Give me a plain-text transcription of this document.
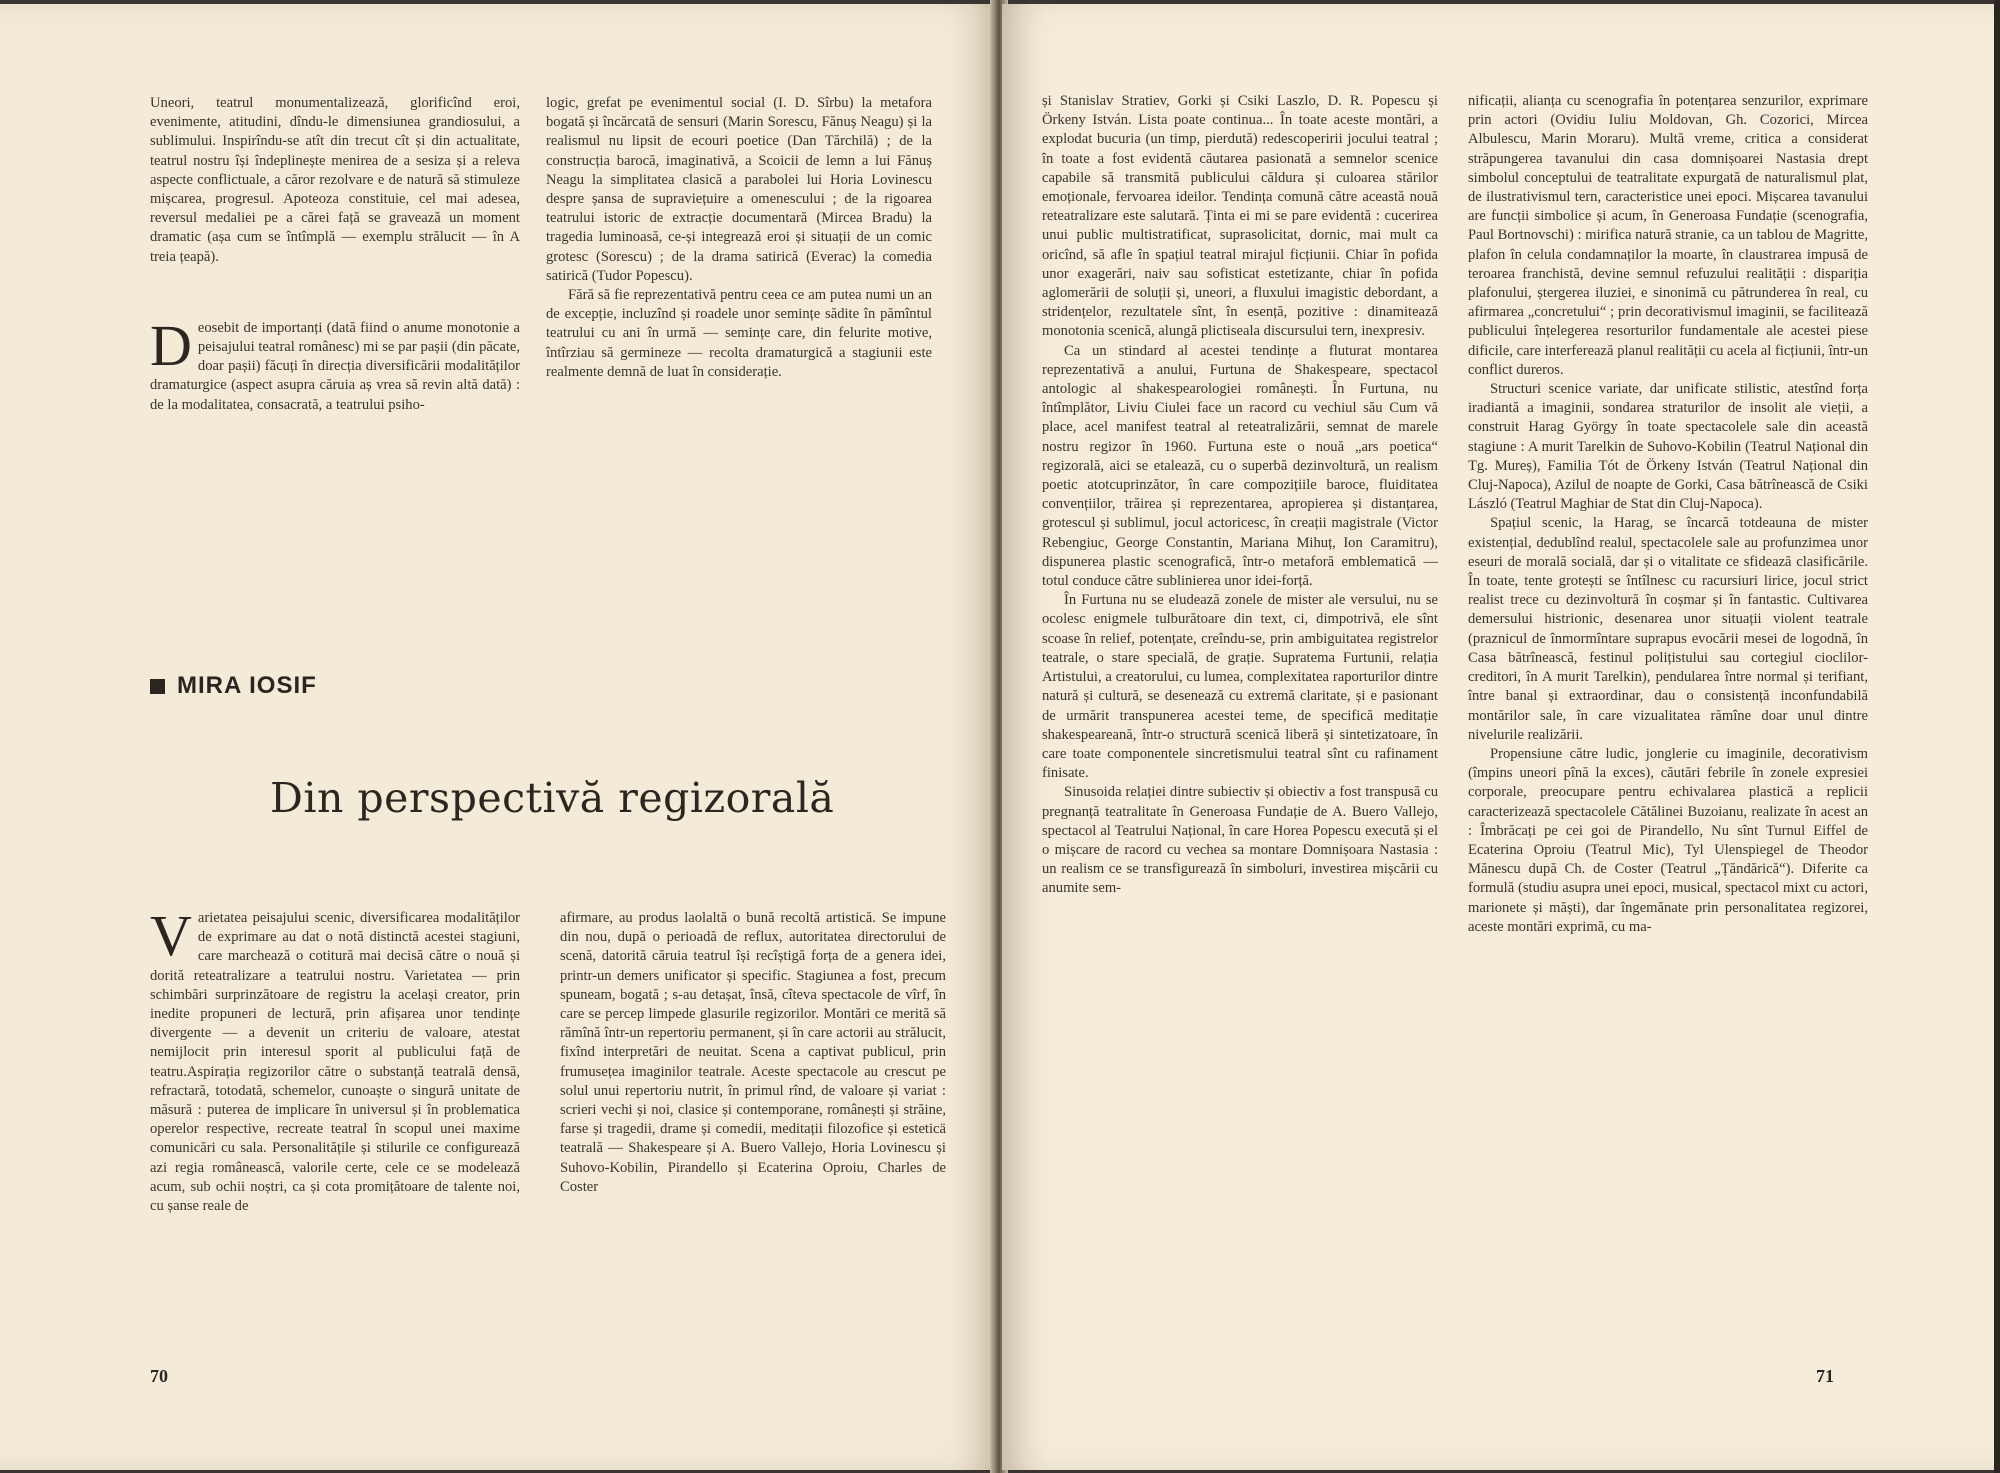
Uneori, teatrul monumentalizează, glorificînd eroi, evenimente, atitudini, dîndu-le dimensiunea grandiosului, a sublimului. Inspirîndu-se atît din trecut cît și din actualitate, teatrul nostru își îndeplinește menirea de a sesiza și a releva aspecte conflictuale, a căror rezolvare e de natură să stimuleze mișcarea, progresul. Apoteoza constituie, cel mai adesea, reversul medaliei pe a cărei față se gravează un moment dramatic (așa cum se întîmplă — exemplu strălucit — în A treia țeapă).

Deosebit de importanți (dată fiind o anume monotonie a peisajului teatral românesc) mi se par pașii (din păcate, doar pașii) făcuți în direcția diversificării modalităților dramaturgice (aspect asupra căruia aș vrea să revin altă dată) : de la modalitatea, consacrată, a teatrului psiho-

logic, grefat pe evenimentul social (I. D. Sîrbu) la metafora bogată și încărcată de sensuri (Marin Sorescu, Fănuș Neagu) și la realismul nu lipsit de ecouri poetice (Dan Tărchilă) ; de la construcția barocă, imaginativă, a Scoicii de lemn a lui Fănuș Neagu la simplitatea clasică a parabolei lui Horia Lovinescu despre șansa de supraviețuire a omenescului ; de la rigoarea teatrului istoric de extracție documentară (Mircea Bradu) la tragedia luminoasă, ce-și integrează eroi și situații de un comic grotesc (Sorescu) ; de la drama satirică (Everac) la comedia satirică (Tudor Popescu).

Fără să fie reprezentativă pentru ceea ce am putea numi un an de excepție, incluzînd și roadele unor semințe sădite în pămîntul teatrului cu ani în urmă — semințe care, din felurite motive, întîrziau să germineze — recolta dramaturgică a stagiunii este realmente demnă de luat în considerație.

MIRA IOSIF
Din perspectivă regizorală

Varietatea peisajului scenic, diversificarea modalităților de exprimare au dat o notă distinctă acestei stagiuni, care marchează o cotitură mai decisă către o nouă și dorită reteatralizare a teatrului nostru. Varietatea — prin schimbări surprinzătoare de registru la același creator, prin inedite propuneri de lectură, prin afișarea unor tendințe divergente — a devenit un criteriu de valoare, atestat nemijlocit prin interesul sporit al publicului față de teatru.Aspirația regizorilor către o substanță teatrală densă, refractară, totodată, schemelor, cunoaște o singură unitate de măsură : puterea de implicare în universul și în problematica operelor respective, recreate teatral în scopul unei maxime comunicări cu sala. Personalitățile și stilurile ce configurează azi regia românească, valorile certe, cele ce se modelează acum, sub ochii noștri, ca și cota promițătoare de talente noi, cu șanse reale de

afirmare, au produs laolaltă o bună recoltă artistică. Se impune din nou, după o perioadă de reflux, autoritatea directorului de scenă, datorită căruia teatrul își recîștigă forța de a genera idei, printr-un demers unificator și specific. Stagiunea a fost, precum spuneam, bogată ; s-au detașat, însă, cîteva spectacole de vîrf, în care se percep limpede glasurile regizorilor. Montări ce merită să rămînă într-un repertoriu permanent, și în care actorii au strălucit, fixînd interpretări de neuitat. Scena a captivat publicul, prin frumusețea imaginilor teatrale. Aceste spectacole au crescut pe solul unui repertoriu nutrit, în primul rînd, de valoare și variat : scrieri vechi și noi, clasice și contemporane, românești și străine, farse și tragedii, drame și comedii, meditații filozofice și esteticä teatrală — Shakespeare și A. Buero Vallejo, Horia Lovinescu și Suhovo-Kobilin, Pirandello și Ecaterina Oproiu, Charles de Coster

70

și Stanislav Stratiev, Gorki și Csiki Laszlo, D. R. Popescu și Örkeny István. Lista poate continua... În toate aceste montări, a explodat bucuria (un timp, pierdută) redescoperirii jocului teatral ; în toate a fost evidentă căutarea pasionată a semnelor scenice capabile să transmită publicului căldura și culoarea stărilor emoționale, fervoarea ideilor. Tendința comună către această nouă reteatralizare este salutară. Ținta ei mi se pare evidentă : cucerirea unui public multistratificat, suprasolicitat, dornic, mai mult ca oricînd, să afle în spațiul teatral mirajul ficțiunii. Chiar în pofida unor exagerări, naiv sau sofisticat estetizante, chiar în pofida aglomerării de soluții și, uneori, a fluxului imagistic debordant, a stridențelor, rezultatele sînt, în esență, pozitive : dinamitează monotonia scenică, alungă plictiseala discursului tern, inexpresiv.

Ca un stindard al acestei tendințe a fluturat montarea reprezentativă a anului, Furtuna de Shakespeare, spectacol antologic al shakespearologiei românești. În Furtuna, nu întîmplător, Liviu Ciulei face un racord cu vechiul său Cum vă place, acel manifest teatral al reteatralizării, semnat de marele nostru regizor în 1960. Furtuna este o nouă „ars poetica“ regizorală, aici se etalează, cu o superbă dezinvoltură, un realism poetic atotcuprinzător, în care compozițiile baroce, fluiditatea convențiilor, trăirea și reprezentarea, apropierea și distanțarea, grotescul și sublimul, jocul actoricesc, în creații magistrale (Victor Rebengiuc, George Constantin, Mariana Mihuț, Ion Caramitru), dispunerea plastic scenografică, într-o metaforă emblematică — totul conduce către sublinierea unor idei-forță.

În Furtuna nu se eludează zonele de mister ale versului, nu se ocolesc enigmele tulburătoare din text, ci, dimpotrivă, ele sînt scoase în relief, potențate, creîndu-se, prin ambiguitatea registrelor teatrale, o stare specială, de grație. Supratema Furtunii, relația Artistului, a creatorului, cu lumea, complexitatea raporturilor dintre natură și cultură, se desenează cu extremă claritate, și e pasionant de urmărit transpunerea acestei teme, de specifică meditație shakespeareană, într-o structură scenică liberă și sintetizatoare, în care toate componentele sincretismului teatral sînt cu rafinament finisate.

Sinusoida relației dintre subiectiv și obiectiv a fost transpusă cu pregnanță teatralitate în Generoasa Fundație de A. Buero Vallejo, spectacol al Teatrului Național, în care Horea Popescu execută și el o mișcare de racord cu vechea sa montare Domnișoara Nastasia : un realism ce se transfigurează în simboluri, investirea mișcării cu anumite sem-

nificații, alianța cu scenografia în potențarea senzurilor, exprimare prin actori (Ovidiu Iuliu Moldovan, Gh. Cozorici, Mircea Albulescu, Marin Moraru). Multă vreme, critica a considerat străpungerea tavanului din casa domnișoarei Nastasia drept simbolul conceptului de teatralitate expurgată de naturalismul plat, de ilustrativismul tern, caracteristice unei epoci. Mișcarea tavanului are funcții simbolice și acum, în Generoasa Fundație (scenografia, Paul Bortnovschi) : mirifica natură stranie, ca un tablou de Magritte, plafon în celula condamnaților la moarte, în claustrarea impusă de teroarea franchistă, devine semnul refuzului realității : dispariția plafonului, ștergerea iluziei, e sinonimă cu pătrunderea în real, cu afirmarea „concretului“ ; prin decorativismul imaginii, se facilitează publicului înțelegerea resorturilor fundamentale ale acestei piese dificile, care interferează planul realității cu acela al ficțiunii, într-un conflict dureros.

Structuri scenice variate, dar unificate stilistic, atestînd forța iradiantă a imaginii, sondarea straturilor de insolit ale vieții, a construit Harag György în toate spectacolele sale din această stagiune : A murit Tarelkin de Suhovo-Kobilin (Teatrul Național din Tg. Mureș), Familia Tót de Örkeny István (Teatrul Național din Cluj-Napoca), Azilul de noapte de Gorki, Casa bătrînească de Csiki László (Teatrul Maghiar de Stat din Cluj-Napoca).

Spațiul scenic, la Harag, se încarcă totdeauna de mister existențial, dedublînd realul, spectacolele sale au profunzimea unor eseuri de morală socială, dar și o vitalitate ce sfidează clasificările. În toate, tente grotești se întîlnesc cu racursiuri lirice, jocul strict realist trece cu dezinvoltură în coșmar și în fantastic. Cultivarea demersului histrionic, desenarea unor situații violent teatrale (praznicul de înmormîntare suprapus evocării mesei de logodnă, în Casa bătrînească, festinul polițistului sau cortegiul cioclilor-creditori, în A murit Tarelkin), pendularea între normal și terifiant, între banal și extraordinar, dau o consistență inconfundabilă montărilor sale, în care vizualitatea rămîne doar unul dintre nivelurile realizării.

Propensiune către ludic, jonglerie cu imaginile, decorativism (împins uneori pînă la exces), căutări febrile în zonele expresiei corporale, preocupare pentru echivalarea plastică a replicii caracterizează spectacolele Cătălinei Buzoianu, realizate în acest an : Îmbrăcați pe cei goi de Pirandello, Nu sînt Turnul Eiffel de Ecaterina Oproiu (Teatrul Mic), Tyl Ulenspiegel de Theodor Mănescu după Ch. de Coster (Teatrul „Țăndărică“). Diferite ca formulă (studiu asupra unei epoci, musical, spectacol mixt cu actori, marionete și măști), dar îngemănate prin personalitatea regizorei, aceste montări exprimă, cu ma-

71
